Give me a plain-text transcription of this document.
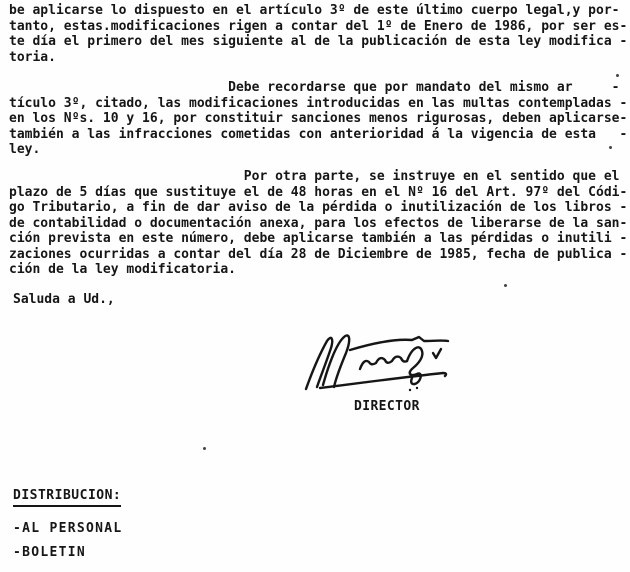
be aplicarse lo dispuesto en el artículo 3º de este último cuerpo legal,y por-
tanto, estas.modificaciones rigen a contar del 1º de Enero de 1986, por ser es-
te día el primero del mes siguiente al de la publicación de esta ley modifica -
toria.
Debe recordarse que por mandato del mismo ar     -
tículo 3º, citado, las modificaciones introducidas en las multas contempladas -
en los Nºs. 10 y 16, por constituir sanciones menos rigurosas, deben aplicarse-
también a las infracciones cometidas con anterioridad á la vigencia de esta   -
ley.
Por otra parte, se instruye en el sentido que el
plazo de 5 días que sustituye el de 48 horas en el Nº 16 del Art. 97º del Códi-
go Tributario, a fin de dar aviso de la pérdida o inutilización de los libros -
de contabilidad o documentación anexa, para los efectos de liberarse de la san-
ción prevista en este número, debe aplicarse también a las pérdidas o inutili -
zaciones ocurridas a contar del día 28 de Diciembre de 1985, fecha de publica -
ción de la ley modificatoria.
Saluda a Ud.,
DIRECTOR
DISTRIBUCION:
-AL PERSONAL
-BOLETIN
